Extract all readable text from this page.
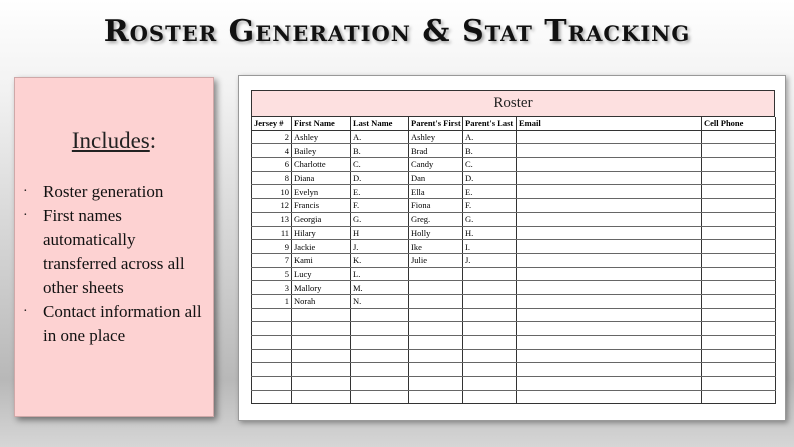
Roster Generation & Stat Tracking
Includes:
· Roster generation
· First names automatically transferred across all other sheets
· Contact information all in one place
Roster
Jersey #	First Name	Last Name	Parent's First	Parent's Last	Email	Cell Phone
2	Ashley	A.	Ashley	A.		
4	Bailey	B.	Brad	B.		
6	Charlotte	C.	Candy	C.		
8	Diana	D.	Dan	D.		
10	Evelyn	E.	Ella	E.		
12	Francis	F.	Fiona	F.		
13	Georgia	G.	Greg.	G.		
11	Hilary	H	Holly	H.		
9	Jackie	J.	Ike	I.		
7	Kami	K.	Julie	J.		
5	Lucy	L.				
3	Mallory	M.				
1	Norah	N.				
